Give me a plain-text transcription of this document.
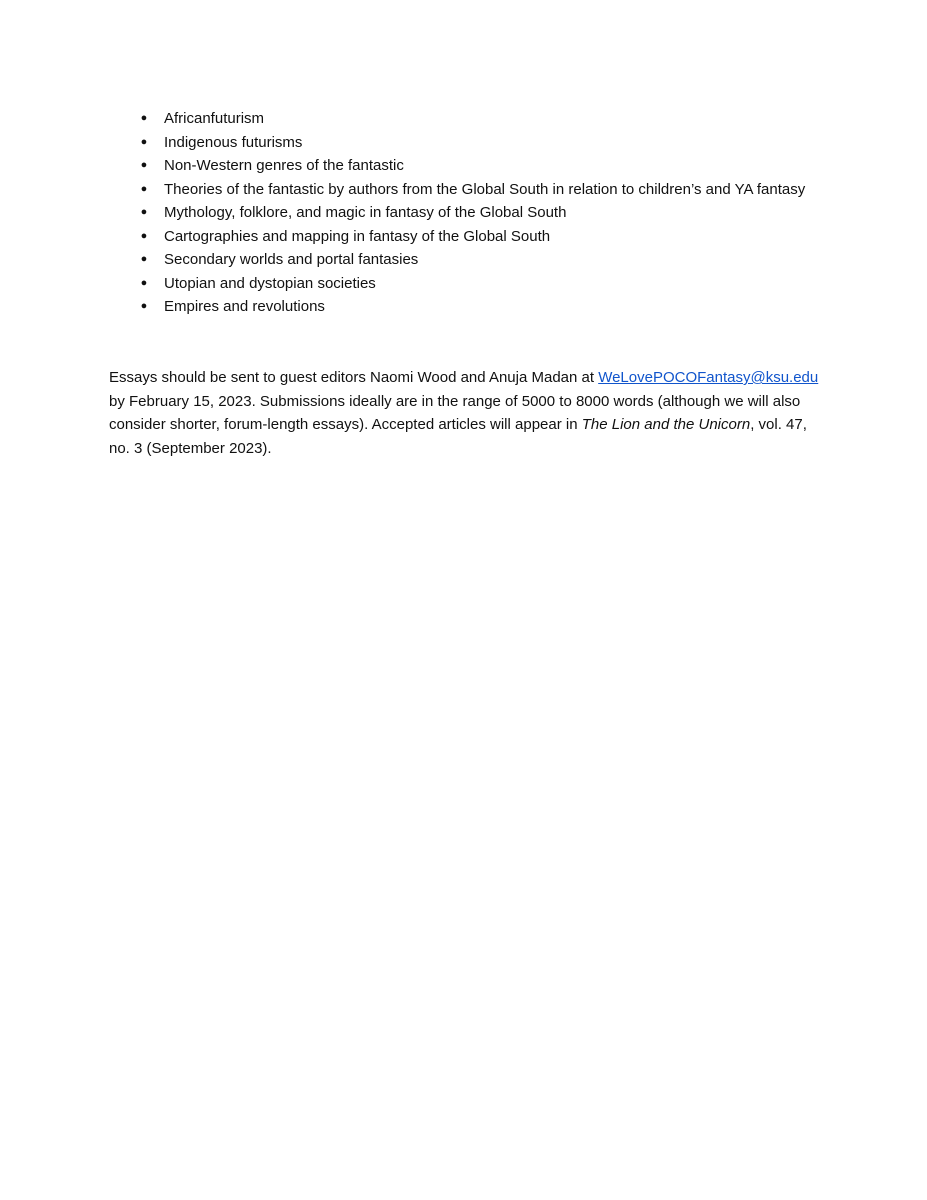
● Africanfuturism
● Indigenous futurisms
● Non-Western genres of the fantastic
● Theories of the fantastic by authors from the Global South in relation to children’s and YA fantasy
● Mythology, folklore, and magic in fantasy of the Global South
● Cartographies and mapping in fantasy of the Global South
● Secondary worlds and portal fantasies
● Utopian and dystopian societies
● Empires and revolutions

Essays should be sent to guest editors Naomi Wood and Anuja Madan at WeLovePOCOFantasy@ksu.edu by February 15, 2023. Submissions ideally are in the range of 5000 to 8000 words (although we will also consider shorter, forum-length essays). Accepted articles will appear in The Lion and the Unicorn, vol. 47, no. 3 (September 2023).
